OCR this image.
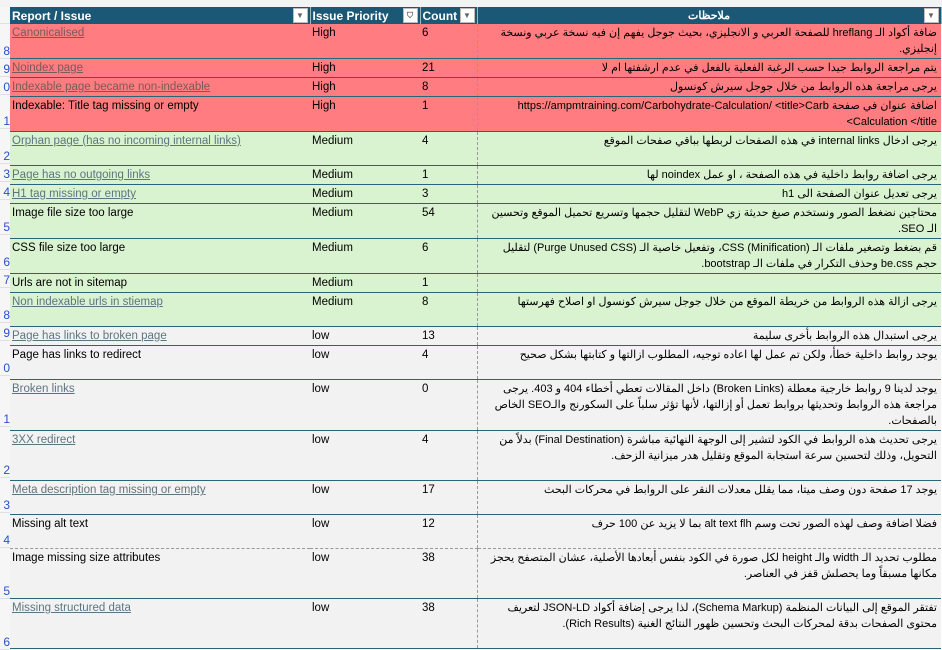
8
9
0
1
2
3
4
5
6
7
8
9
0
1
2
3
4
5
6
Report / Issue ▼	Issue Priority ⛉	Count ▼	ملاحظات ▼

Canonicalised	High	6	ضافة أكواد الـ hreflang للصفحة العربي و الانجليزي، بحيث جوجل يفهم إن فيه نسخة عربي ونسخة إنجليزي.
Noindex page	High	21	يتم مراجعة الروابط جيدا حسب الرغبة الفعلية بالفعل في عدم ارشفتها ام لا
Indexable page became non-indexable	High	8	يرجى مراجعة هذه الروابط من خلال جوجل سيرش كونسول
Indexable: Title tag missing or empty	High	1	اضافة عنوان في صفحة https://ampmtraining.com/Carbohydrate-Calculation/ <title>Carb Calculation </title>
Orphan page (has no incoming internal links)	Medium	4	يرجى ادخال internal links في هذه الصفحات لربطها بباقي صفحات الموقع
Page has no outgoing links	Medium	1	يرجى اضافة روابط داخلية في هذه الصفحة ، او عمل noindex لها
H1 tag missing or empty	Medium	3	يرجى تعديل عنوان الصفحة الى h1
Image file size too large	Medium	54	محتاجين نضغط الصور ونستخدم صيغ حديثة زي WebP لتقليل حجمها وتسريع تحميل الموقع وتحسين الـ SEO.
CSS file size too large	Medium	6	قم بضغط وتصغير ملفات الـ CSS (Minification)، وتفعيل خاصية الـ (Purge Unused CSS) لتقليل حجم be.css وحذف التكرار في ملفات الـ bootstrap.
Urls are not in sitemap	Medium	1	
Non indexable urls in stiemap	Medium	8	يرجى ازالة هذه الروابط من خريطة الموقع من خلال جوجل سيرش كونسول او اصلاح فهرستها
Page has links to broken page	low	13	يرجى استبدال هذه الروابط بأخرى سليمة
Page has links to redirect	low	4	يوجد روابط داخلية خطأ، ولكن تم عمل لها اعاده توجيه، المطلوب ازالتها و كتابتها بشكل صحيح
Broken links	low	0	يوجد لدينا 9 روابط خارجية معطلة (Broken Links) داخل المقالات تعطي أخطاء 404 و 403. يرجى مراجعة هذه الروابط وتحديثها بروابط تعمل أو إزالتها، لأنها تؤثر سلباً على السكورنج والـSEO الخاص بالصفحات.
3XX redirect	low	4	يرجى تحديث هذه الروابط في الكود لتشير إلى الوجهة النهائية مباشرة (Final Destination) بدلاً من التحويل، وذلك لتحسين سرعة استجابة الموقع وتقليل هدر ميزانية الزحف.
Meta description tag missing or empty	low	17	يوجد 17 صفحة دون وصف ميتا، مما يقلل معدلات النقر على الروابط في محركات البحث
Missing alt text	low	12	فضلا اضافة وصف لهذه الصور تحت وسم alt text flh بما لا يزيد عن 100 حرف
Image missing size attributes	low	38	مطلوب تحديد الـ width والـ height لكل صورة في الكود بنفس أبعادها الأصلية، عشان المتصفح يحجز مكانها مسبقاً وما يحصلش قفز في العناصر.
Missing structured data	low	38	تفتقر الموقع إلى البيانات المنظمة (Schema Markup)، لذا يرجى إضافة أكواد JSON-LD لتعريف محتوى الصفحات بدقة لمحركات البحث وتحسين ظهور النتائج الغنية (Rich Results).
